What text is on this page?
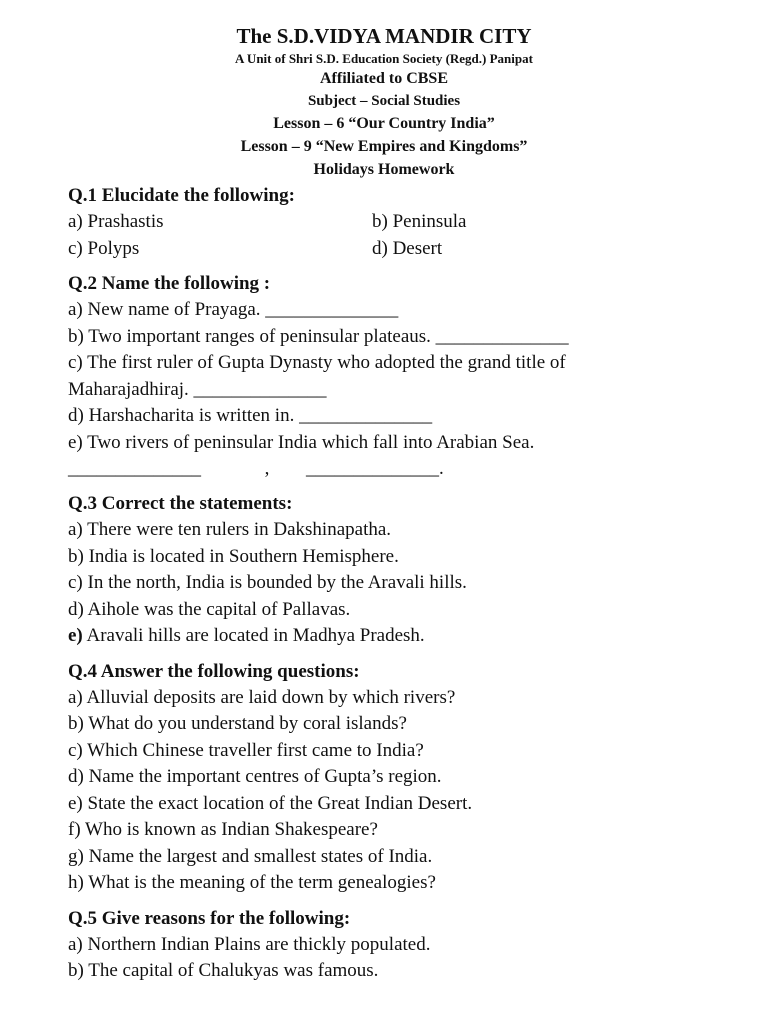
The S.D.VIDYA MANDIR CITY
A Unit of Shri S.D. Education Society (Regd.) Panipat
Affiliated to CBSE
Subject – Social Studies
Lesson – 6 “Our Country India”
Lesson – 9 “New Empires and Kingdoms”
Holidays Homework
Q.1 Elucidate the following:
a) Prashastis	b) Peninsula
c) Polyps	d) Desert
Q.2 Name the following :
a) New name of Prayaga. ______________
b) Two important ranges of peninsular plateaus. ______________
c) The first ruler of Gupta Dynasty who adopted the grand title of
Maharajadhiraj. ______________
d) Harshacharita is written in. ______________
e) Two rivers of peninsular India which fall into Arabian Sea.
______________	, ______________.
Q.3 Correct the statements:
a) There were ten rulers in Dakshinapatha.
b) India is located in Southern Hemisphere.
c) In the north, India is bounded by the Aravali hills.
d) Aihole was the capital of Pallavas.
e) Aravali hills are located in Madhya Pradesh.
Q.4 Answer the following questions:
a) Alluvial deposits are laid down by which rivers?
b) What do you understand by coral islands?
c) Which Chinese traveller first came to India?
d) Name the important centres of Gupta’s region.
e) State the exact location of the Great Indian Desert.
f) Who is known as Indian Shakespeare?
g) Name the largest and smallest states of India.
h) What is the meaning of the term genealogies?
Q.5 Give reasons for the following:
a) Northern Indian Plains are thickly populated.
b) The capital of Chalukyas was famous.
